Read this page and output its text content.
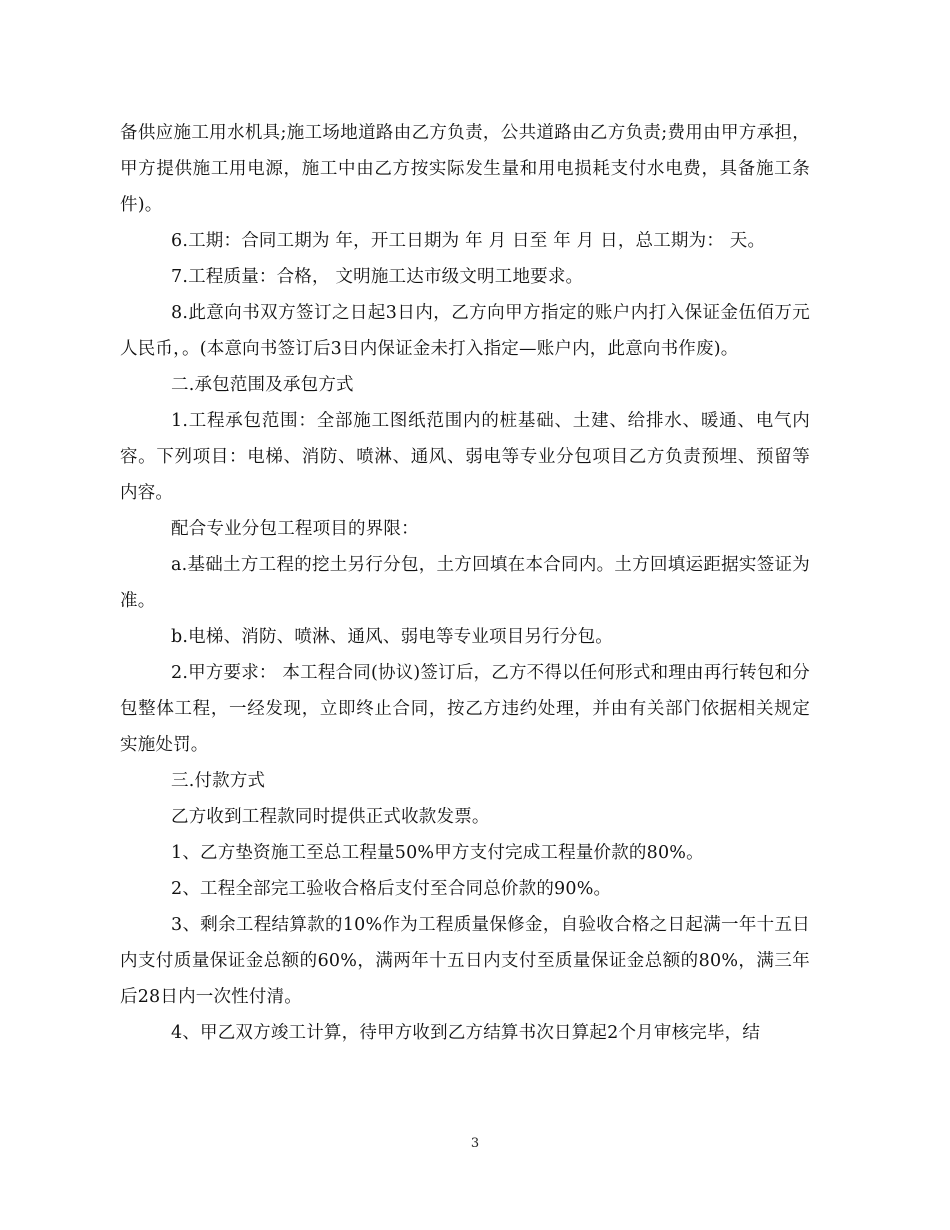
备供应施工用水机具;施工场地道路由乙方负责，公共道路由乙方负责;费用由甲方承担，甲方提供施工用电源，施工中由乙方按实际发生量和用电损耗支付水电费，具备施工条件)。

6.工期：合同工期为 年，开工日期为 年 月 日至 年 月 日，总工期为： 天。

7.工程质量：合格， 文明施工达市级文明工地要求。

8.此意向书双方签订之日起3日内，乙方向甲方指定的账户内打入保证金伍佰万元人民币，。(本意向书签订后3日内保证金未打入指定—账户内，此意向书作废)。

二.承包范围及承包方式

1.工程承包范围：全部施工图纸范围内的桩基础、土建、给排水、暖通、电气内容。下列项目：电梯、消防、喷淋、通风、弱电等专业分包项目乙方负责预埋、预留等内容。

配合专业分包工程项目的界限：

a.基础土方工程的挖土另行分包，土方回填在本合同内。土方回填运距据实签证为准。

b.电梯、消防、喷淋、通风、弱电等专业项目另行分包。

2.甲方要求： 本工程合同(协议)签订后，乙方不得以任何形式和理由再行转包和分包整体工程，一经发现，立即终止合同，按乙方违约处理，并由有关部门依据相关规定实施处罚。

三.付款方式

乙方收到工程款同时提供正式收款发票。

1、乙方垫资施工至总工程量50%甲方支付完成工程量价款的80%。

2、工程全部完工验收合格后支付至合同总价款的90%。

3、剩余工程结算款的10%作为工程质量保修金，自验收合格之日起满一年十五日内支付质量保证金总额的60%，满两年十五日内支付至质量保证金总额的80%，满三年后28日内一次性付清。

4、甲乙双方竣工计算，待甲方收到乙方结算书次日算起2个月审核完毕，结

3
